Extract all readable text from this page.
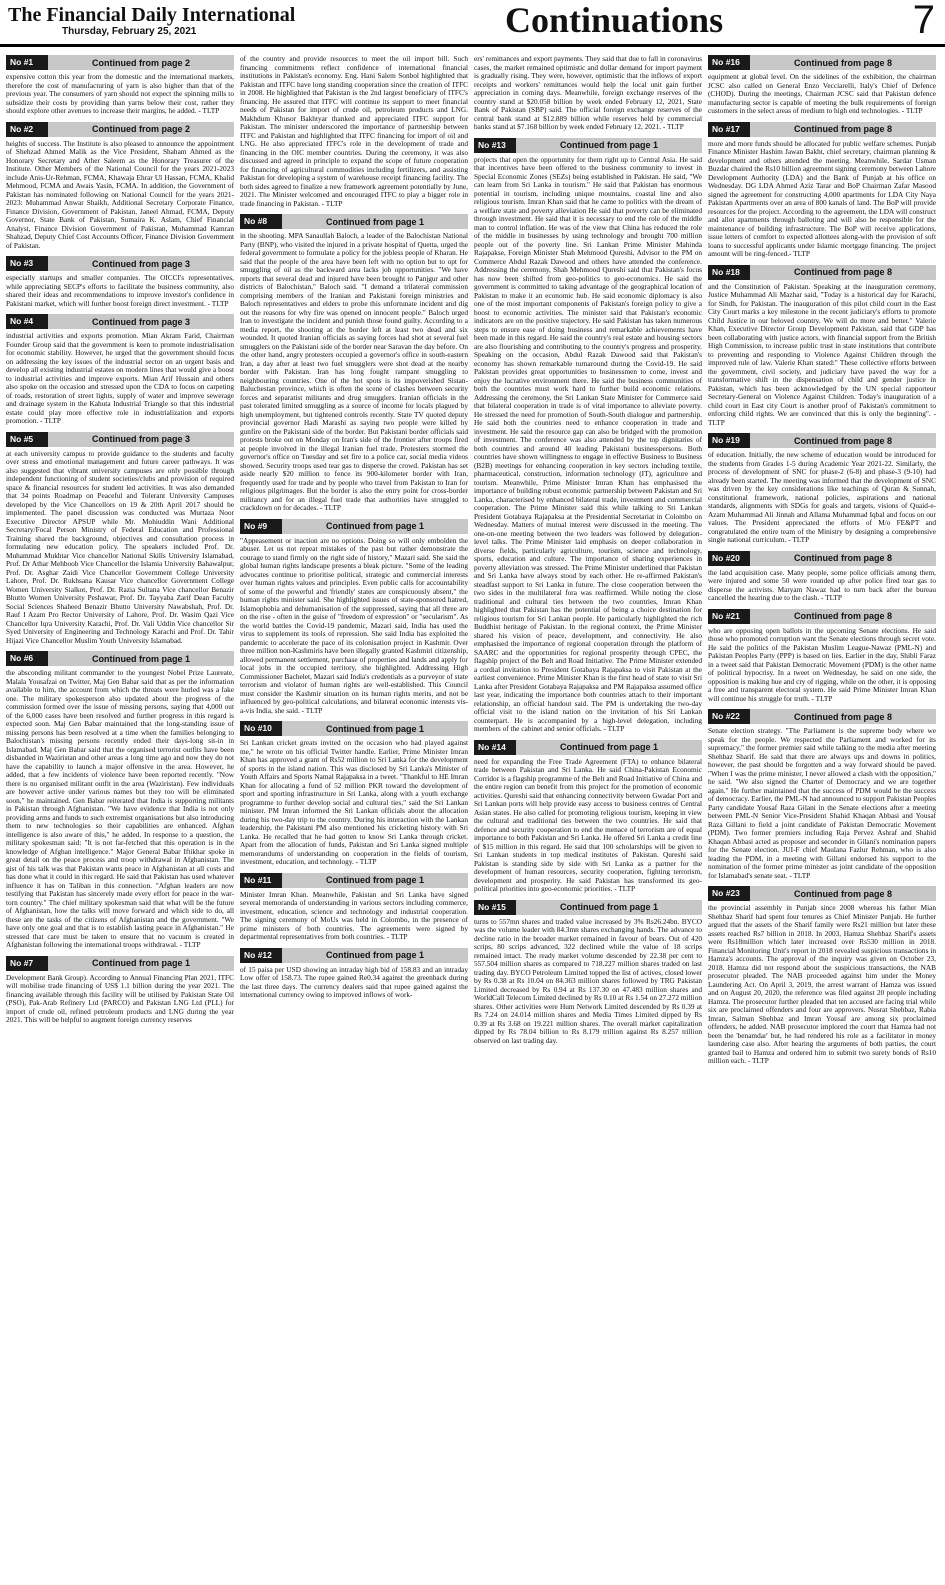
The Financial Daily International
Thursday, February 25, 2021	Continuations	7
No #1	Continued from page 2

expensive cotton this year from the domestic and the international markets, therefore the cost of manufacturing of yarn is also higher than that of the previous year. The consumers of yarn should not expect the spinning mills to subsidize their costs by providing than yarns below their cost, rather they should explore other avenues to increase their margins, he added. - TLTP

No #2	Continued from page 2

heights of success. The Institute is also pleased to announce the appointment of Shehzad Ahmed Malik as the Vice President, Shaham Ahmed as the Honorary Secretary and Ather Saleem as the Honorary Treasurer of the Institute. Other Members of the National Council for the years 2021-2023 include Anis-Ur-Rehman, FCMA, Khawaja Ehrar Ul Hassan, FCMA, Khalid Mehmood, FCMA and Awais Yasin, FCMA. In addition, the Government of Pakistan has nominated following on National Council for the years 2021-2023: Muhammad Anwar Shaikh, Additional Secretary Corporate Finance, Finance Division, Government of Pakistan, Janeel Ahmad, FCMA, Deputy Governor, State Bank of Pakistan, Sumaira K. Aslam, Chief Financial Analyst, Finance Division Government of Pakistan, Muhammad Kamran Shahzad, Deputy Chief Cost Accounts Officer, Finance Division Government of Pakistan.

No #3	Continued from page 3

especially startups and smaller companies. The OICCI's representatives, while appreciating SECP's efforts to facilitate the business community, also shared their ideas and recommendations to improve investor's confidence in Pakistani market, which will further boost foreign direct investment. - TLTP

No #4	Continued from page 3

industrial activities and exports promotion. Mian Akram Farid, Chairman Founder Group said that the government is keen to promote industrialisation for economic stability. However, he urged that the government should focus on addressing the key issues of the industrial sector on an urgent basis and develop all existing industrial estates on modern lines that would give a boost to industrial activities and improve exports. Mian Arif Hussain and others also spoke on the occasion and stressed upon the CDA to focus on carpeting of roads, restoration of street lights, supply of water and improve sewerage and drainage system in the Kahuta Industrial Triangle so that this industrial estate could play more effective role in industrialization and exports promotion. - TLTP

No #5	Continued from page 3

at each university campus to provide guidance to the students and faculty over stress and emotional management and future career pathways. It was also suggested that vibrant university campuses are only possible through independent functioning of student societies/clubs and provision of required space & financial resources for student led activities. It was also demanded that 34 points Roadmap on Peaceful and Tolerant University Campuses developed by the Vice Chancellors on 19 & 20th April 2017 should be implemented. The panel discussion was conducted was Murtaza Noor Executive Director APSUP while Mr. Mohiuddin Wani Additional Secretary/Focal Person Ministry of Federal Education and Professional Training shared the background, objectives and consultation process in formulating new education policy. The speakers included Prof. Dr. Muhammad Mukhtar Vice chancellor National Skills University Islamabad, Prof. Dr Athar Mehboob Vice Chancellor the Islamia University Bahawalpur, Prof. Dr. Asghar Zaidi Vice Chancellor Government College University Lahore, Prof. Dr. Rukhsana Kausar Vice chancellor Government College Women University Sialkot, Prof. Dr. Razia Sultana Vice chancellor Benazir Bhutto Women University Peshawar, Prof. Dr. Tayyaba Zarif Dean Faculty Social Sciences Shaheed Benazir Bhutto University Nawabshah, Prof. Dr. Rauf I Azam Pro Rector University of Lahore, Prof. Dr. Wasim Qazi Vice Chancellor Iqra University Karachi, Prof. Dr. Vali Uddin Vice chancellor Sir Syed University of Engineering and Technology Karachi and Prof. Dr. Tahir Hijazi Vice Chancellor Muslim Youth University Islamabad.

No #6	Continued from page 1

the absconding militant commander to the youngest Nobel Prize Laureate, Malala Yousafzai on Twitter, Maj Gen Babar said that as per the information available to him, the account from which the threats were hurled was a fake one. The military spokesperson also updated about the progress of the commission formed over the issue of missing persons, saying that 4,000 out of the 6,000 cases have been resolved and further progress in this regard is expected soon. Maj Gen Babar maintained that the long-standing issue of missing persons has been resolved at a time when the families belonging to Balochistan's missing persons recently ended their days-long sit-in in Islamabad. Maj Gen Babar said that the organised terrorist outfits have been disbanded in Waziristan and other areas a long time ago and now they do not have the capability to launch a major offensive in the area. However, he added, that a few incidents of violence have been reported recently. "Now there is no organised militant outfit in the area (Waziristan). Few individuals are however active under various names but they too will be eliminated soon," he maintained. Gen Babar reiterated that India is supporting militants in Pakistan through Afghanistan. "We have evidence that India is not only providing arms and funds to such extremist organisations but also introducing them to new technologies so their capabilities are enhanced. Afghan intelligence is also aware of this," he added. In response to a question, the military spokesman said: "It is not far-fetched that this operation is in the knowledge of Afghan intelligence." Major General Babar Iftikhar spoke in great detail on the peace process and troop withdrawal in Afghanistan. The gist of his talk was that Pakistan wants peace in Afghanistan at all costs and has done what it could in this regard. He said that Pakistan has used whatever influence it has on Taliban in this connection. "Afghan leaders are now testifying that Pakistan has sincerely made every effort for peace in the war-torn country." The chief military spokesman said that what will be the future of Afghanistan, how the talks will move forward and which side to do, all these are the tasks of the citizens of Afghanistan and the government. "We have only one goal and that is to establish lasting peace in Afghanistan." He stressed that care must be taken to ensure that no vacuum is created in Afghanistan following the international troops withdrawal. - TLTP

No #7	Continued from page 1

Development Bank Group). According to Annual Financing Plan 2021, ITFC will mobilise trade financing of US$ 1.1 billion during the year 2021. The financing available through this facility will be utilised by Pakistan State Oil (PSO), Pak-Arab Refinery Ltd (PARCO) and Pakistan LNG Ltd (PLL) for import of crude oil, refined petroleum products and LNG during the year 2021. This will be helpful to augment foreign currency reserves

of the country and provide resources to meet the oil import bill. Such financing commitments reflect confidence of international financial institutions in Pakistan's economy. Eng. Hani Salem Sonbol highlighted that Pakistan and ITFC have long standing cooperation since the creation of ITFC in 2008. He highlighted that Pakistan is the 2nd largest beneficiary of ITFC's financing. He assured that ITFC will continue its support to meet financial needs of Pakistan for import of crude oil, petroleum products and LNG. Makhdum Khusor Bakhtyar thanked and appreciated ITFC support for Pakistan. The minister underscored the importance of partnership between ITFC and Pakistan and highlighted that ITFC financing for import of oil and LNG. He also appreciated ITFC's role in the development of trade and financing in the OIC member countries. During the ceremony, it was also discussed and agreed in principle to expand the scope of future cooperation for financing of agricultural commodities including fertilizers, and assisting Pakistan for developing a system of warehouse receipt financing facility. The both sides agreed to finalize a new framework agreement potentially by June, 2021. The Minister welcomed and encouraged ITFC to play a bigger role in trade financing in Pakistan. - TLTP

No #8	Continued from page 1

in the shooting. MPA Sanaullah Baloch, a leader of the Balochistan National Party (BNP), who visited the injured in a private hospital of Quetta, urged the federal government to formulate a policy for the jobless people of Kharan. He said that the people of the area have been left with no option but to opt for smuggling of oil as the backward area lacks job opportunities. "We have reports that several dead and injured have been brought to Panjgur and other districts of Balochistan," Baloch said. "I demand a trilateral commission comprising members of the Iranian and Pakistani foreign ministries and Baloch representatives and elders to probe this unfortunate incident and dig out the reasons for why fire was opened on innocent people." Baloch urged Iran to investigate the incident and punish those found guilty. According to a media report, the shooting at the border left at least two dead and six wounded. It quoted Iranian officials as saying forces had shot at several fuel smugglers on the Pakistani side of the border near Saravan the day before. On the other hand, angry protesters occupied a governor's office in south-eastern Iran, a day after at least two fuel smugglers were shot dead at the nearby border with Pakistan. Iran has long fought rampant smuggling to neighbouring countries. One of the hot spots is its impoverished Sistan-Baluchestan province, which is often the scene of clashes between security forces and separatist militants and drug smugglers. Iranian officials in the past tolerated limited smuggling as a source of income for locals plagued by high unemployment, but tightened controls recently. State TV quoted deputy provincial governor Hadi Marashi as saying two people were killed by gunfire on the Pakistani side of the border. But Pakistani border officials said protests broke out on Monday on Iran's side of the frontier after troops fired at people involved in the illegal Iranian fuel trade. Protesters stormed the governor's office on Tuesday and set fire to a police car, social media videos showed. Security troops used tear gas to disperse the crowd. Pakistan has set aside nearly $20 million to fence its 900-kilometer border with Iran, frequently used for trade and by people who travel from Pakistan to Iran for religious pilgrimages. But the border is also the entry point for cross-border militancy and for an illegal fuel trade that authorities have struggled to crackdown on for decades. - TLTP

No #9	Continued from page 1

"Appeasement or inaction are no options. Doing so will only embolden the abuser. Let us not repeat mistakes of the past but rather demonstrate the courage to stand firmly on the right side of history," Mazari said. She said the global human rights landscape presents a bleak picture. "Some of the leading advocates continue to prioritise political, strategic and commercial interests over human rights values and principles. Even public calls for accountability of some of the powerful and 'friendly' states are conspicuously absent," the human rights minister said. She highlighted issues of state-sponsored hatred, Islamophobia and dehumanisation of the suppressed, saying that all three are on the rise - often in the guise of "freedom of expression" or "secularism". As the world battles the Covid-19 pandemic, Mazari said, India has used the virus to supplement its tools of repression. She said India has exploited the pandemic to accelerate the pace of its colonisation project in Kashmir. Over three million non-Kashmiris have been illegally granted Kashmiri citizenship, allowed permanent settlement, purchase of properties and lands and apply for local jobs in the occupied territory, she highlighted. Addressing High Commissioner Bachelet, Mazari said India's credentials as a purveyor of state terrorism and violator of human rights are well-established. This Council must consider the Kashmir situation on its human rights merits, and not be influenced by geo-political calculations, and bilateral economic interests vis-a-vis India, she said. - TLTP

No #10	Continued from page 1

Sri Lankan cricket greats invited on the occasion who had played against me," he wrote on his official Twitter handle. Earlier, Prime Minister Imran Khan has approved a grant of Rs52 million to Sri Lanka for the development of sports in the island nation. This was disclosed by Sri Lanka's Minister of Youth Affairs and Sports Namal Rajapaksa in a tweet. "Thankful to HE Imran Khan for allocating a fund of 52 million PKR toward the development of sport and sporting infrastructure in Sri Lanka, along with a youth exchange programme to further develop social and cultural ties," said the Sri Lankan minister. PM Imran informed the Sri Lankan officials about the allocation during his two-day trip to the country. During his interaction with the Lankan leadership, the Pakistani PM also mentioned his cricketing history with Sri Lanka. He recalled that he had gotten to know Sri Lanka through cricket. Apart from the allocation of funds, Pakistan and Sri Lanka signed multiple memorandums of understanding on cooperation in the fields of tourism, investment, education, and technology. - TLTP

No #11	Continued from page 1

Minister Imran Khan. Meanwhile, Pakistan and Sri Lanka have signed several memoranda of understanding in various sectors including commerce, investment, education, science and technology and industrial cooperation. The signing ceremony of MoUs was held in Colombo, in the presence of prime ministers of both countries. The agreements were signed by departmental representatives from both countries. - TLTP

No #12	Continued from page 1

of 15 paisa per USD showing an intraday high bid of 158.83 and an intraday Low offer of 158.73. The rupee gained Re0.34 against the greenback during the last three days. The currency dealers said that rupee gained against the international currency owing to improved inflows of work-

ers' remittances and export payments. They said that due to fall in coronavirus cases, the market remained optimistic and dollar demand for import payment is gradually rising. They were, however, optimistic that the inflows of export receipts and workers' remittances would help the local unit gain further appreciation in coming days. Meanwhile, foreign exchange reserves of the country stand at $20.058 billion by week ended February 12, 2021, State Bank of Pakistan (SBP) said. The official foreign exchange reserves of the central bank stand at $12.889 billion while reserves held by commercial banks stand at $7.168 billion by week ended February 12, 2021. - TLTP

No #13	Continued from page 1

projects that open the opportunity for them right up to Central Asia. He said that incentives have been offered to the business community to invest in Special Economic Zones (SEZs) being established in Pakistan. He said, "We can learn from Sri Lanka in tourism." He said that Pakistan has enormous potential in tourism, including unique mountains, coastal line and also religious tourism. Imran Khan said that he came to politics with the dream of a welfare state and poverty alleviation He said that poverty can be eliminated through investment. He said that it is necessary to end the role of the middle man to control inflation. He was of the view that China has reduced the role of the middle in businesses by using technology and brought 700 million people out of the poverty line. Sri Lankan Prime Minister Mahinda Rajapakse, Foreign Minister Shah Mehmood Qureshi, Advisor to the PM on Commerce Abdul Razak Dawood and others have attended the conference. Addressing the ceremony, Shah Mehmood Qureshi said that Pakistan's focus has now been shifted from geo-politics to geo-economics. He said the government is committed to taking advantage of the geographical location of Pakistan to make it an economic hub. He said economic diplomacy is also one of the most important components of Pakistan's foreign policy to give a boost to economic activities. The minister said that Pakistan's economic indicators are on the positive trajectory. He said Pakistan has taken numerous steps to ensure ease of doing business and remarkable achievements have been made in this regard. He said the country's real estate and housing sectors are also flourishing and contributing to the country's progress and prosperity. Speaking on the occasion, Abdul Razak Dawood said that Pakistan's economy has shown remarkable turnaround during the Covid-19. He said Pakistan provides great opportunities to businessmen to come, invest and enjoy the lucrative environment there. He said the business communities of both the countries must work hard to further build economic relations. Addressing the ceremony, the Sri Lankan State Minister for Commerce said that bilateral cooperation in trade is of vital importance to alleviate poverty. He stressed the need for promotion of South-South dialogue and partnership. He said both the countries need to enhance cooperation in trade and investment. He said the resource gap can also be bridged with the promotion of investment. The conference was also attended by the top dignitaries of both countries and around 40 leading Pakistani businesspersons. Both countries have shown willingness to engage in effective Business to Business (B2B) meetings for enhancing cooperation in key sectors including textile, pharmaceutical, construction, information technology (IT), agriculture and tourism. Meanwhile, Prime Minister Imran Khan has emphasised the importance of building robust economic partnership between Pakistan and Sri Lanka, characterised by enhanced bilateral trade, investment and commercial cooperation. The Prime Minister said this while talking to Sri Lankan President Gotabaya Rajapaksa at the Presidential Secretariat in Colombo on Wednesday. Matters of mutual interest were discussed in the meeting. The one-on-one meeting between the two leaders was followed by delegation-level talks. The Prime Minister laid emphasis on deeper collaboration in diverse fields, particularly agriculture, tourism, science and technology, sports, education and culture. The importance of sharing experiences in poverty alleviation was stressed. The Prime Minister underlined that Pakistan and Sri Lanka have always stood by each other. He re-affirmed Pakistan's steadfast support to Sri Lanka in future. The close cooperation between the two sides in the multilateral fora was reaffirmed. While noting the close traditional and cultural ties between the two countries, Imran Khan highlighted that Pakistan has the potential of being a choice destination for religious tourism for Sri Lankan people. He particularly highlighted the rich Buddhist heritage of Pakistan. In the regional context, the Prime Minister shared his vision of peace, development, and connectivity. He also emphasised the importance of regional cooperation through the platform of SAARC and the opportunities for regional prosperity through CPEC, the flagship project of the Belt and Road Initiative. The Prime Minister extended a cordial invitation to President Gotabaya Rajapaksa to visit Pakistan at the earliest convenience. Prime Minister Khan is the first head of state to visit Sri Lanka after President Gotabaya Rajapaksa and PM Rajapaksa assumed office last year, indicating the importance both countries attach to their important relationship, an official handout said. The PM is undertaking the two-day official visit to the island nation on the invitation of his Sri Lankan counterpart. He is accompanied by a high-level delegation, including members of the cabinet and senior officials. - TLTP

No #14	Continued from page 1

need for expanding the Free Trade Agreement (FTA) to enhance bilateral trade between Pakistan and Sri Lanka. He said China-Pakistan Economic Corridor is a flagship programme of the Belt and Road Initiative of China and the entire region can benefit from this project for the promotion of economic activities. Qureshi said that enhancing connectivity between Gwadar Port and Sri Lankan ports will help provide easy access to business centres of Central Asian states. He also called for promoting religious tourism, keeping in view the cultural and traditional ties between the two countries. He said that defence and security cooperation to end the menace of terrorism are of equal importance to both Pakistan and Sri Lanka. He offered Sri Lanka a credit line of $15 million in this regard. He said that 100 scholarships will be given to Sri Lankan students in top medical institutes of Pakistan. Qureshi said Pakistan is standing side by side with Sri Lanka as a partner for the development of human resources, security cooperation, fighting terrorism, development and prosperity. He said Pakistan has transformed its geo-political priorities into geo-economic priorities. - TLTP

No #15	Continued from page 1

turns to 557mn shares and traded value increased by 3% Rs26.24bn. BYCO was the volume leader with 84.3mn shares exchanging hands. The advance to decline ratio in the broader market remained in favour of bears. Out of 420 scrips, 80 scrips advanced, 322 declined while the value of 18 scrips remained intact. The ready market volume descended by 22.38 per cent to 557.504 million shares as compared to 718.227 million shares traded on last trading day. BYCO Petroleum Limited topped the list of actives, closed lower by Rs 0.38 at Rs 10.04 on 84.363 million shares followed by TRG Pakistan Limited decreased by Rs 0.94 at Rs 137.30 on 47.483 million shares and WorldCall Telecom Limited declined by Rs 0.10 at Rs 1.54 on 27.272 million shares. Other activities were Hum Network Limited descended by Rs 0.39 at Rs 7.24 on 24.014 million shares and Media Times Limited dipped by Rs 0.39 at Rs 3.68 on 19.221 million shares. The overall market capitalization dipped by Rs 78.04 billion to Rs 8.179 trillion against Rs 8.257 trillion observed on last trading day.

No #16	Continued from page 8

equipment at global level. On the sidelines of the exhibition, the chairman JCSC also called on General Enzo Vecciarelli, Italy's Chief of Defence (CHOD). During the meetings, Chairman JCSC said that Pakistan defence manufacturing sector is capable of meeting the bulk requirements of foreign customers in the select areas of medium to high end technologies. - TLTP

No #17	Continued from page 8

more and more funds should be allocated for public welfare schemes. Punjab Finance Minister Hashim Jawan Bakht, chief secretary, chairman planning & development and others attended the meeting. Meanwhile, Sardar Usman Buzdar chaired the Rs10 billion agreement signing ceremony between Lahore Development Authority (LDA) and the Bank of Punjab at his office on Wednesday. DG LDA Ahmed Aziz Tarar and BoP Chairman Zafar Masood signed the agreement for constructing 4,000 apartments for LDA City Naya Pakistan Apartments over an area of 800 kanals of land. The BoP will provide resources for the project. According to the agreement, the LDA will construct and allot apartments through balloting and will also be responsible for the maintenance of building infrastructure. The BoP will receive applications, issue letters of comfort to expected allottees along-with the provision of soft loans to successful applicants under Islamic mortgage financing. The project amount will be ring-fenced.- TLTP

No #18	Continued from page 8

and the Constitution of Pakistan. Speaking at the inauguration ceremony, Justice Muhammad Ali Mazhar said, "Today is a historical day for Karachi, for Sindh, for Pakistan. The inauguration of this pilot child court in the East City Court marks a key milestone in the recent judiciary's efforts to promote Child Justice in our beloved country. We will do more and better." Valerie Khan, Executive Director Group Development Pakistan, said that GDP has been collaborating with justice actors, with financial support from the British High Commission, to increase public trust in state institutions that contribute to preventing and responding to Violence Against Children through the improved rule of law. Valerie Khan stated:" These collective efforts between the government, civil society, and judiciary have paved the way for a transformative shift in the dispensation of child and gender justice in Pakistan, which has been acknowledged by the UN special rapporteur Secretary-General on Violence Against Children. Today's inauguration of a child court in East city Court is another proof of Pakistan's commitment to enforcing child rights. We are convinced that this is only the beginning". - TLTP

No #19	Continued from page 8

of education. Initially, the new scheme of education would be introduced for the students from Grades 1-5 during Academic Year 2021-22. Similarly, the process of development of SNC for phase-2 (6-8) and phase-3 (9-10) had already been started. The meeting was informed that the development of SNC was driven by the key considerations like teachings of Quran & Sunnah, constitutional framework, national policies, aspirations and national standards, alignments with SDGs for goals and targets, visions of Quaid-e-Azam Muhammad Ali Jinnah and Allama Muhammad Iqbal and focus on our values. The President appreciated the efforts of M/o FE&PT and congratulated the entire team of the Ministry by designing a comprehensive single national curriculum. - TLTP

No #20	Continued from page 8

the land acquisition case. Many people, some police officials among them, were injured and some 50 were rounded up after police fired tear gas to disperse the activists. Maryam Nawaz had to turn back after the bureau cancelled the hearing due to the clash. - TLTP

No #21	Continued from page 8

who are opposing open ballots in the upcoming Senate elections. He said those who promoted corruption want the Senate elections through secret vote. He said the politics of the Pakistan Muslim League-Nawaz (PML-N) and Pakistan Peoples Party (PPP) is based on lies. Earlier in the day, Shibli Faraz in a tweet said that Pakistan Democratic Movement (PDM) is the other name of political hypocrisy. In a tweet on Wednesday, he said on one side, the opposition is making hue and cry of rigging, while on the other, it is opposing a free and transparent electoral system. He said Prime Minister Imran Khan will continue his struggle for truth. - TLTP

No #22	Continued from page 8

Senate election strategy. "The Parliament is the supreme body where we speak for the people. We respected the Parliament and worked for its supremacy," the former premier said while talking to the media after meeting Shehbaz Sharif. He said that there are always ups and downs in politics, however, the past should be forgotten and a way forward should be paved. "When I was the prime minister, I never allowed a clash with the opposition," he said. "We also signed the Charter of Democracy and we are together again." He further maintained that the success of PDM would be the success of democracy. Earlier, the PML-N had announced to support Pakistan Peoples Party candidate Yousaf Raza Gilani in the Senate elections after a meeting between PML-N Senior Vice-President Shahid Khaqan Abbasi and Yousaf Raza Gillani to field a joint candidate of Pakistan Democratic Movement (PDM). Two former premiers including Raja Pervez Ashraf and Shahid Khaqan Abbasi acted as proposer and seconder in Gilani's nomination papers for the Senate election. JUI-F chief Maulana Fazlur Rehman, who is also leading the PDM, in a meeting with Gillani endorsed his support to the nomination of the former prime minister as joint candidate of the opposition for Islamabad's senate seat. - TLTP

No #23	Continued from page 8

the provincial assembly in Punjab since 2008 whereas his father Mian Shehbaz Sharif had spent four tenures as Chief Minister Punjab. He further argued that the assets of the Sharif family were Rs21 million but later these assets reached Rs7 billion in 2018. In 2003, Hamza Shehbaz Sharif's assets were Rs18million which later increased over Rs530 million in 2018. Financial Monitoring Unit's report in 2018 revealed suspicious transactions in Hamza's accounts. The approval of the inquiry was given on October 23, 2018. Hamza did not respond about the suspicious transactions, the NAB prosecutor pleaded. The NAB proceeded against him under the Money Laundering Act. On April 3, 2019, the arrest warrant of Hamza was issued and on August 20, 2020, the reference was filed against 20 people including Hamza. The prosecutor further pleaded that ten accused are facing trial while six are proclaimed offenders and four are approvers. Nusrat Shehbaz, Rabia Imran, Salman Shehbaz and Imran Yousaf are among six proclaimed offenders, he added. NAB prosecutor implored the court that Hamza had not been the 'benamdar' but, he had rendered his role as a facilitator in money laundering case also. After hearing the arguments of both parties, the court granted bail to Hamza and ordered him to submit two surety bonds of Rs10 million each. - TLTP
